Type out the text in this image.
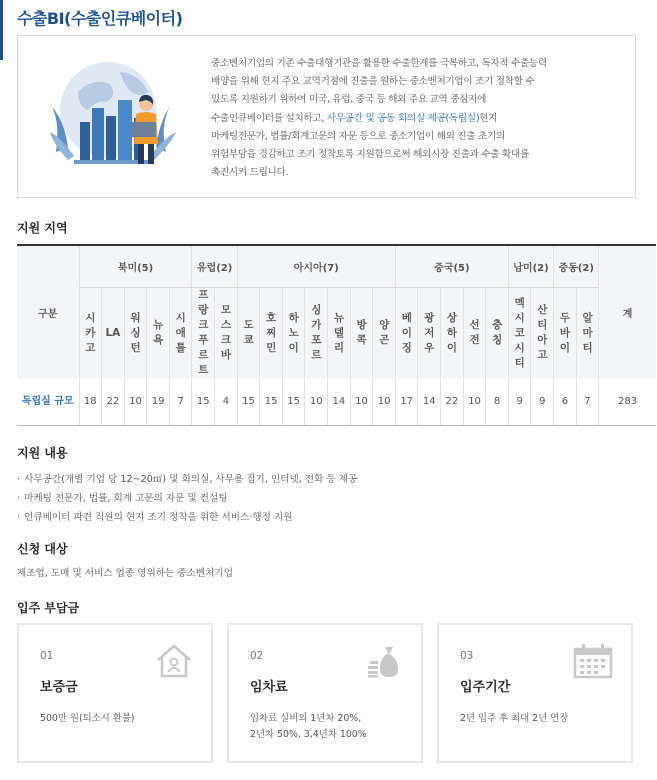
수출BI(수출인큐베이터)
중소벤처기업의 기존 수출대행기관을 활용한 수출한계를 극복하고, 독자적 수출능력
배양을 위해 현지 주요 교역거점에 진출을 원하는 중소벤처기업이 조기 정착할 수
있도록 지원하기 위하여 미국, 유럽, 중국 등 해외 주요 교역 중심지에
수출인큐베이터를 설치하고, 사무공간 및 공동 회의실 제공(독립실)현지
마케팅전문가, 법률/회계고문의 자문 등으로 중소기업이 해외 진출 초기의
위험부담을 경감하고 조기 정착토록 지원함으로써 해외시장 진출과 수출 확대를
촉진시켜 드립니다.
지원 지역
구분	북미(5)					유럽(2)		아시아(7)							중국(5)					남미(2)		중동(2)		계
	시카고	LA	워싱턴	뉴욕	시애틀	프랑크푸르트	모스크바	도쿄	호찌민	하노이	싱가포르	뉴델리	방콕	양곤	베이징	광저우	상하이	선전	충칭	멕시코시티	산티아고	두바이	알마티	
독립실 규모	18	22	10	19	7	15	4	15	15	15	10	14	10	10	17	14	22	10	8	9	9	6	7	283
지원 내용
· 사무공간(개별 기업 당 12~20㎡) 및 회의실, 사무용 집기, 인터넷, 전화 등 제공
· 마케팅 전문가, 법률, 회계 고문의 자문 및 컨설팅
· 인큐베이터 파견 직원의 현지 조기 정착을 위한 서비스·행정 지원
신청 대상
제조업, 도매 및 서비스 업종 영위하는 중소벤처기업
입주 부담금
01
보증금
500만 원(퇴소시 환불)
02
임차료
임차료 실비의 1년차 20%,
2년차 50%, 3,4년차 100%
03
입주기간
2년 입주 후 최대 2년 연장
